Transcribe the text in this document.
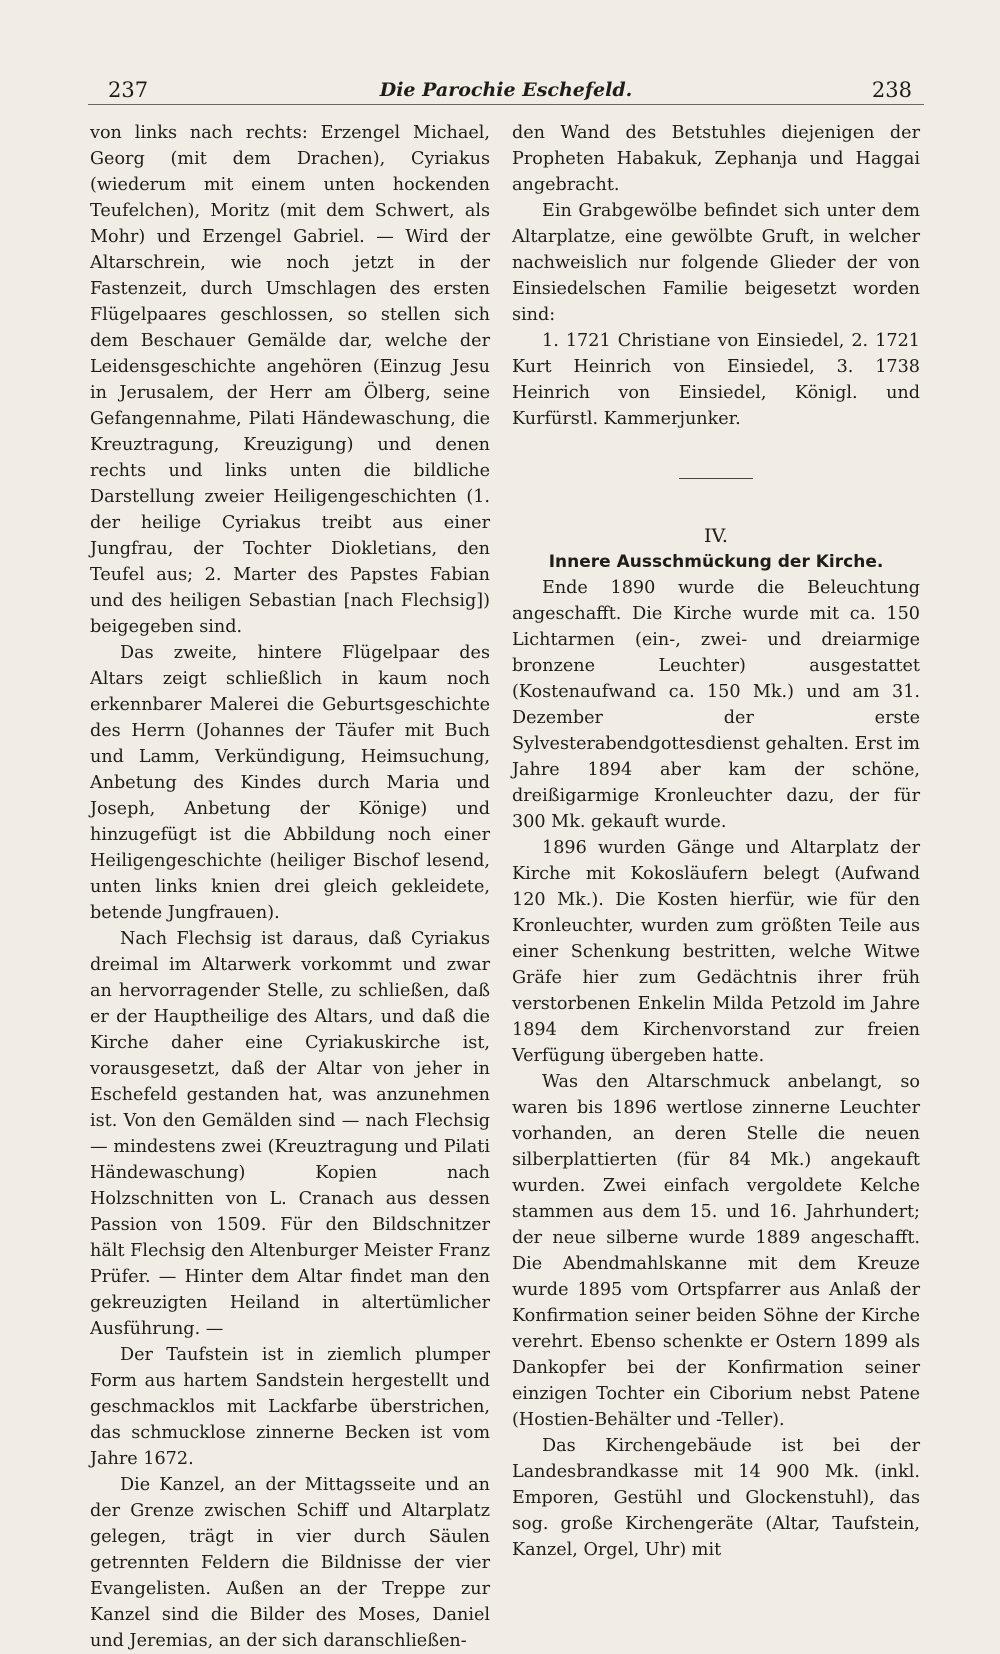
237	Die Parochie Eschefeld.	238

von links nach rechts: Erzengel Michael, Georg (mit dem Drachen), Cyriakus (wiederum mit einem unten hockenden Teufelchen), Moritz (mit dem Schwert, als Mohr) und Erzengel Gabriel. — Wird der Altarschrein, wie noch jetzt in der Fastenzeit, durch Umschlagen des ersten Flügelpaares geschlossen, so stellen sich dem Beschauer Gemälde dar, welche der Leidensgeschichte angehören (Einzug Jesu in Jerusalem, der Herr am Ölberg, seine Gefangennahme, Pilati Händewaschung, die Kreuztragung, Kreuzigung) und denen rechts und links unten die bildliche Darstellung zweier Heiligengeschichten (1. der heilige Cyriakus treibt aus einer Jungfrau, der Tochter Diokletians, den Teufel aus; 2. Marter des Papstes Fabian und des heiligen Sebastian [nach Flechsig]) beigegeben sind.

Das zweite, hintere Flügelpaar des Altars zeigt schließlich in kaum noch erkennbarer Malerei die Geburtsgeschichte des Herrn (Johannes der Täufer mit Buch und Lamm, Verkündigung, Heimsuchung, Anbetung des Kindes durch Maria und Joseph, Anbetung der Könige) und hinzugefügt ist die Abbildung noch einer Heiligengeschichte (heiliger Bischof lesend, unten links knien drei gleich gekleidete, betende Jungfrauen).

Nach Flechsig ist daraus, daß Cyriakus dreimal im Altarwerk vorkommt und zwar an hervorragender Stelle, zu schließen, daß er der Hauptheilige des Altars, und daß die Kirche daher eine Cyriakuskirche ist, vorausgesetzt, daß der Altar von jeher in Eschefeld gestanden hat, was anzunehmen ist. Von den Gemälden sind — nach Flechsig — mindestens zwei (Kreuztragung und Pilati Händewaschung) Kopien nach Holzschnitten von L. Cranach aus dessen Passion von 1509. Für den Bildschnitzer hält Flechsig den Altenburger Meister Franz Prüfer. — Hinter dem Altar findet man den gekreuzigten Heiland in altertümlicher Ausführung. —

Der Taufstein ist in ziemlich plumper Form aus hartem Sandstein hergestellt und geschmacklos mit Lackfarbe überstrichen, das schmucklose zinnerne Becken ist vom Jahre 1672.

Die Kanzel, an der Mittagsseite und an der Grenze zwischen Schiff und Altarplatz gelegen, trägt in vier durch Säulen getrennten Feldern die Bildnisse der vier Evangelisten. Außen an der Treppe zur Kanzel sind die Bilder des Moses, Daniel und Jeremias, an der sich daranschließen-

den Wand des Betstuhles diejenigen der Propheten Habakuk, Zephanja und Haggai angebracht.

Ein Grabgewölbe befindet sich unter dem Altarplatze, eine gewölbte Gruft, in welcher nachweislich nur folgende Glieder der von Einsiedelschen Familie beigesetzt worden sind:

1. 1721 Christiane von Einsiedel, 2. 1721 Kurt Heinrich von Einsiedel, 3. 1738 Heinrich von Einsiedel, Königl. und Kurfürstl. Kammerjunker.

IV.

Innere Ausschmückung der Kirche.

Ende 1890 wurde die Beleuchtung angeschafft. Die Kirche wurde mit ca. 150 Lichtarmen (ein-, zwei- und dreiarmige bronzene Leuchter) ausgestattet (Kostenaufwand ca. 150 Mk.) und am 31. Dezember der erste Sylvesterabendgottesdienst gehalten. Erst im Jahre 1894 aber kam der schöne, dreißigarmige Kronleuchter dazu, der für 300 Mk. gekauft wurde.

1896 wurden Gänge und Altarplatz der Kirche mit Kokosläufern belegt (Aufwand 120 Mk.). Die Kosten hierfür, wie für den Kronleuchter, wurden zum größten Teile aus einer Schenkung bestritten, welche Witwe Gräfe hier zum Gedächtnis ihrer früh verstorbenen Enkelin Milda Petzold im Jahre 1894 dem Kirchenvorstand zur freien Verfügung übergeben hatte.

Was den Altarschmuck anbelangt, so waren bis 1896 wertlose zinnerne Leuchter vorhanden, an deren Stelle die neuen silberplattierten (für 84 Mk.) angekauft wurden. Zwei einfach vergoldete Kelche stammen aus dem 15. und 16. Jahrhundert; der neue silberne wurde 1889 angeschafft. Die Abendmahlskanne mit dem Kreuze wurde 1895 vom Ortspfarrer aus Anlaß der Konfirmation seiner beiden Söhne der Kirche verehrt. Ebenso schenkte er Ostern 1899 als Dankopfer bei der Konfirmation seiner einzigen Tochter ein Ciborium nebst Patene (Hostien-Behälter und -Teller).

Das Kirchengebäude ist bei der Landesbrandkasse mit 14 900 Mk. (inkl. Emporen, Gestühl und Glockenstuhl), das sog. große Kirchengeräte (Altar, Taufstein, Kanzel, Orgel, Uhr) mit
